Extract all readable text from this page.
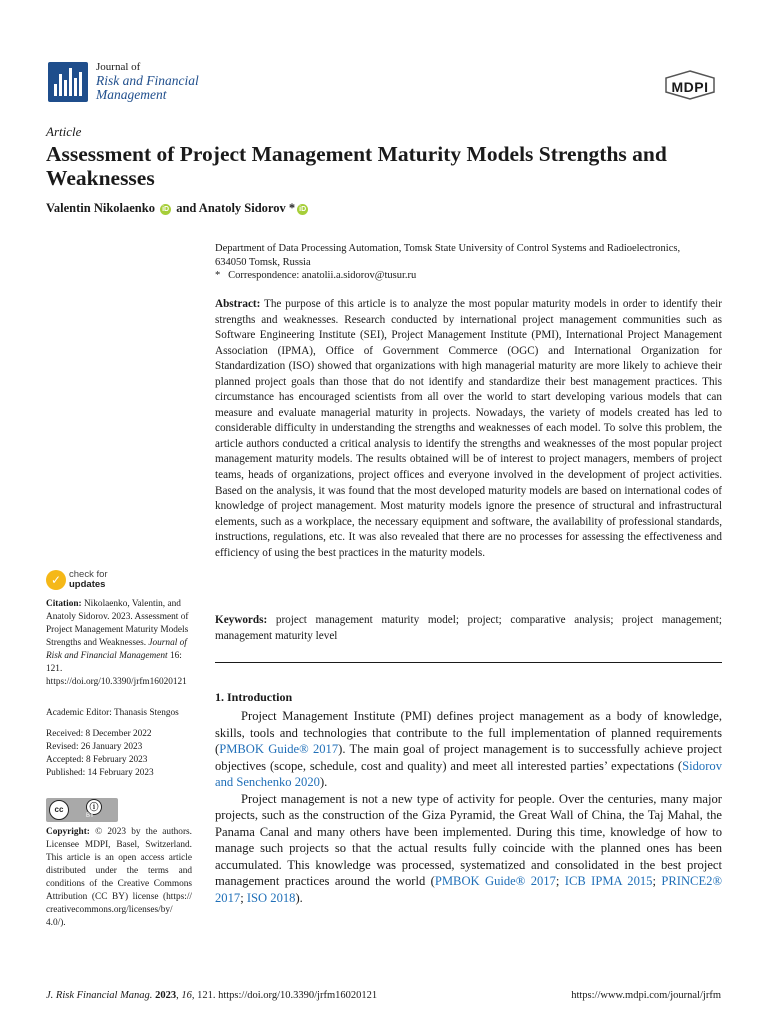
Journal of
Risk and Financial
Management	MDPI
Article
Assessment of Project Management Maturity Models Strengths and Weaknesses
Valentin Nikolaenko iD and Anatoly Sidorov * iD
Department of Data Processing Automation, Tomsk State University of Control Systems and Radioelectronics,
634050 Tomsk, Russia
* Correspondence: anatolii.a.sidorov@tusur.ru
Abstract: The purpose of this article is to analyze the most popular maturity models in order to identify their strengths and weaknesses. Research conducted by international project management communities such as Software Engineering Institute (SEI), Project Management Institute (PMI), International Project Management Association (IPMA), Office of Government Commerce (OGC) and International Organization for Standardization (ISO) showed that organizations with high managerial maturity are more likely to achieve their planned project goals than those that do not identify and standardize their best management practices. This circumstance has encouraged scientists from all over the world to start developing various models that can measure and evaluate managerial maturity in projects. Nowadays, the variety of models created has led to considerable difficulty in understanding the strengths and weaknesses of each model. To solve this problem, the article authors conducted a critical analysis to identify the strengths and weaknesses of the most popular project management maturity models. The results obtained will be of interest to project managers, members of project teams, heads of organizations, project offices and everyone involved in the development of project activities. Based on the analysis, it was found that the most developed maturity models are based on international codes of knowledge of project management. Most maturity models ignore the presence of structural and infrastructural elements, such as a workplace, the necessary equipment and software, the availability of professional standards, instructions, regulations, etc. It was also revealed that there are no processes for assessing the effectiveness and efficiency of using the best practices in the maturity models.
Keywords: project management maturity model; project; comparative analysis; project management; management maturity level
1. Introduction

Project Management Institute (PMI) defines project management as a body of knowledge, skills, tools and technologies that contribute to the full implementation of planned requirements (PMBOK Guide® 2017). The main goal of project management is to successfully achieve project objectives (scope, schedule, cost and quality) and meet all interested parties’ expectations (Sidorov and Senchenko 2020).

Project management is not a new type of activity for people. Over the centuries, many major projects, such as the construction of the Giza Pyramid, the Great Wall of China, the Taj Mahal, the Panama Canal and many others have been implemented. During this time, knowledge of how to manage such projects so that the actual results fully coincide with the planned ones has been accumulated. This knowledge was processed, systematized and consolidated in the best project management practices around the world (PMBOK Guide® 2017; ICB IPMA 2015; PRINCE2® 2017; ISO 2018).

✓ check for
updates
Citation: Nikolaenko, Valentin, and Anatoly Sidorov. 2023. Assessment of Project Management Maturity Models Strengths and Weaknesses. Journal of Risk and Financial Management 16: 121. https://doi.org/10.3390/jrfm16020121
Academic Editor: Thanasis Stengos
Received: 8 December 2022
Revised: 26 January 2023
Accepted: 8 February 2023
Published: 14 February 2023
cc	ⓘ
BY
Copyright: © 2023 by the authors. Licensee MDPI, Basel, Switzerland. This article is an open access article distributed under the terms and conditions of the Creative Commons Attribution (CC BY) license (https:// creativecommons.org/licenses/by/ 4.0/).
J. Risk Financial Manag. 2023, 16, 121. https://doi.org/10.3390/jrfm16020121	https://www.mdpi.com/journal/jrfm
